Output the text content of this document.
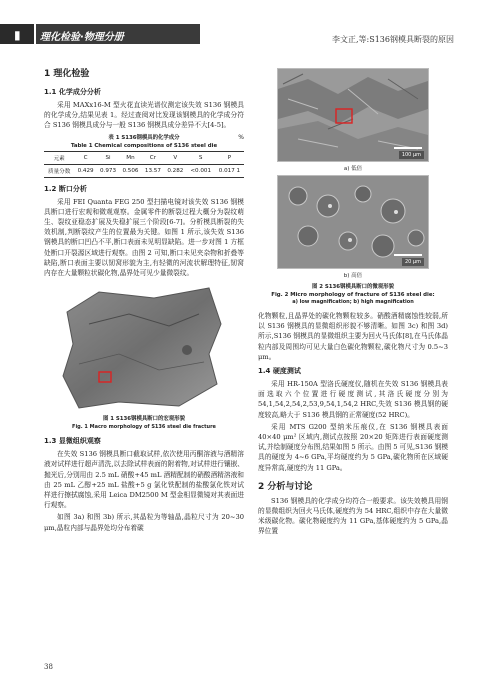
▮ 理化检验·物理分册	李文正,等:S136钢模具断裂的原因
1 理化检验
1.1 化学成分分析

采用 MAXx16-M 型火花直读光谱仪测定该失效 S136 钢模具的化学成分,结果见表 1。经过查阅对比发现该钢模具的化学成分符合 S136 钢模具成分与一般 S136 钢模具成分差异不大[4-5]。

表 1 S136钢模具的化学成分
Table 1 Chemical compositions of S136 steel die
%
元素	C	Si	Mn	Cr	V	S	P
质量分数	0.429	0.973	0.506	13.57	0.282	<0.001	0.017 1
1.2 断口分析

采用 FEI Quanta FEG 250 型扫描电镜对该失效 S136 钢模具断口进行宏观和微观观察。金属零件的断裂过程大概分为裂纹萌生、裂纹亚稳态扩展及失稳扩展三个阶段[6-7]。分析模具断裂的失效机制,判断裂纹产生的位置最为关键。如图 1 所示,该失效 S136 钢模具的断口凹凸不平,断口表面未见明显缺陷。进一步对图 1 方框处断口开裂源区域进行观察。由图 2 可知,断口未见夹杂物和折叠等缺陷,断口表面主要以韧窝形貌为主,有轻微的河流状解理特征,韧窝内存在大量颗粒状碳化物,晶界处可见少量微裂纹。

图 1 S136钢模具断口的宏观形貌
Fig. 1 Macro morphology of S136 steel die fracture
1.3 显微组织观察

在失效 S136 钢模具断口截取试样,依次使用丙酮溶液与酒精溶液对试样进行超声清洗,以去除试样表面的附着物,对试样进行镶嵌、抛光后,分别用由 2.5 mL 硝酸+45 mL 酒精配制的硝酸酒精溶液和由 25 mL 乙醇+25 mL 盐酸+5 g 氯化铁配制的盐酸氯化铁对试样进行擦拭腐蚀,采用 Leica DM2500 M 型金相显微镜对其表面进行观察。

如图 3a) 和图 3b) 所示,其晶粒为等轴晶,晶粒尺寸为 20~30 μm,晶粒内部与晶界处均分布着碳

100 μm
a) 低倍
20 μm
b) 高倍
图 2 S136钢模具断口的微观形貌
Fig. 2 Micro morphology of fracture of S136 steel die:
a) low magnification; b) high magnification

化物颗粒,且晶界处的碳化物颗粒较多。硝酸酒精腐蚀性较弱,所以 S136 钢模具的显微组织形貌不够清晰。如图 3c) 和图 3d) 所示,S136 钢模具的显微组织主要为回火马氏体[8],在马氏体晶粒内部及周围均可见大量白色碳化物颗粒,碳化物尺寸为 0.5~3 μm。

1.4 硬度测试

采用 HR-150A 型洛氏硬度仪,随机在失效 S136 钢模具表面选取六个位置进行硬度测试,其洛氏硬度分别为 54,1,54,2,54,2,53,9,54,1,54,2 HRC,失效 S136 模具钢的硬度较高,略大于 S136 模具钢的正常硬度(52 HRC)。

采用 MTS G200 型纳米压痕仪,在 S136 钢模具表面 40×40 μm² 区域内,测试点按照 20×20 矩阵进行表面硬度测试,并绘制硬度分布图,结果如图 5 所示。由图 5 可见,S136 钢模具的硬度为 4~6 GPa,平均硬度约为 5 GPa,碳化物所在区域硬度异常高,硬度约为 11 GPa。

2 分析与讨论

S136 钢模具的化学成分均符合一般要求。该失效模具用钢的显微组织为回火马氏体,硬度约为 54 HRC,组织中存在大量微米级碳化物。碳化物硬度约为 11 GPa,基体硬度约为 5 GPa,晶界位置

38
